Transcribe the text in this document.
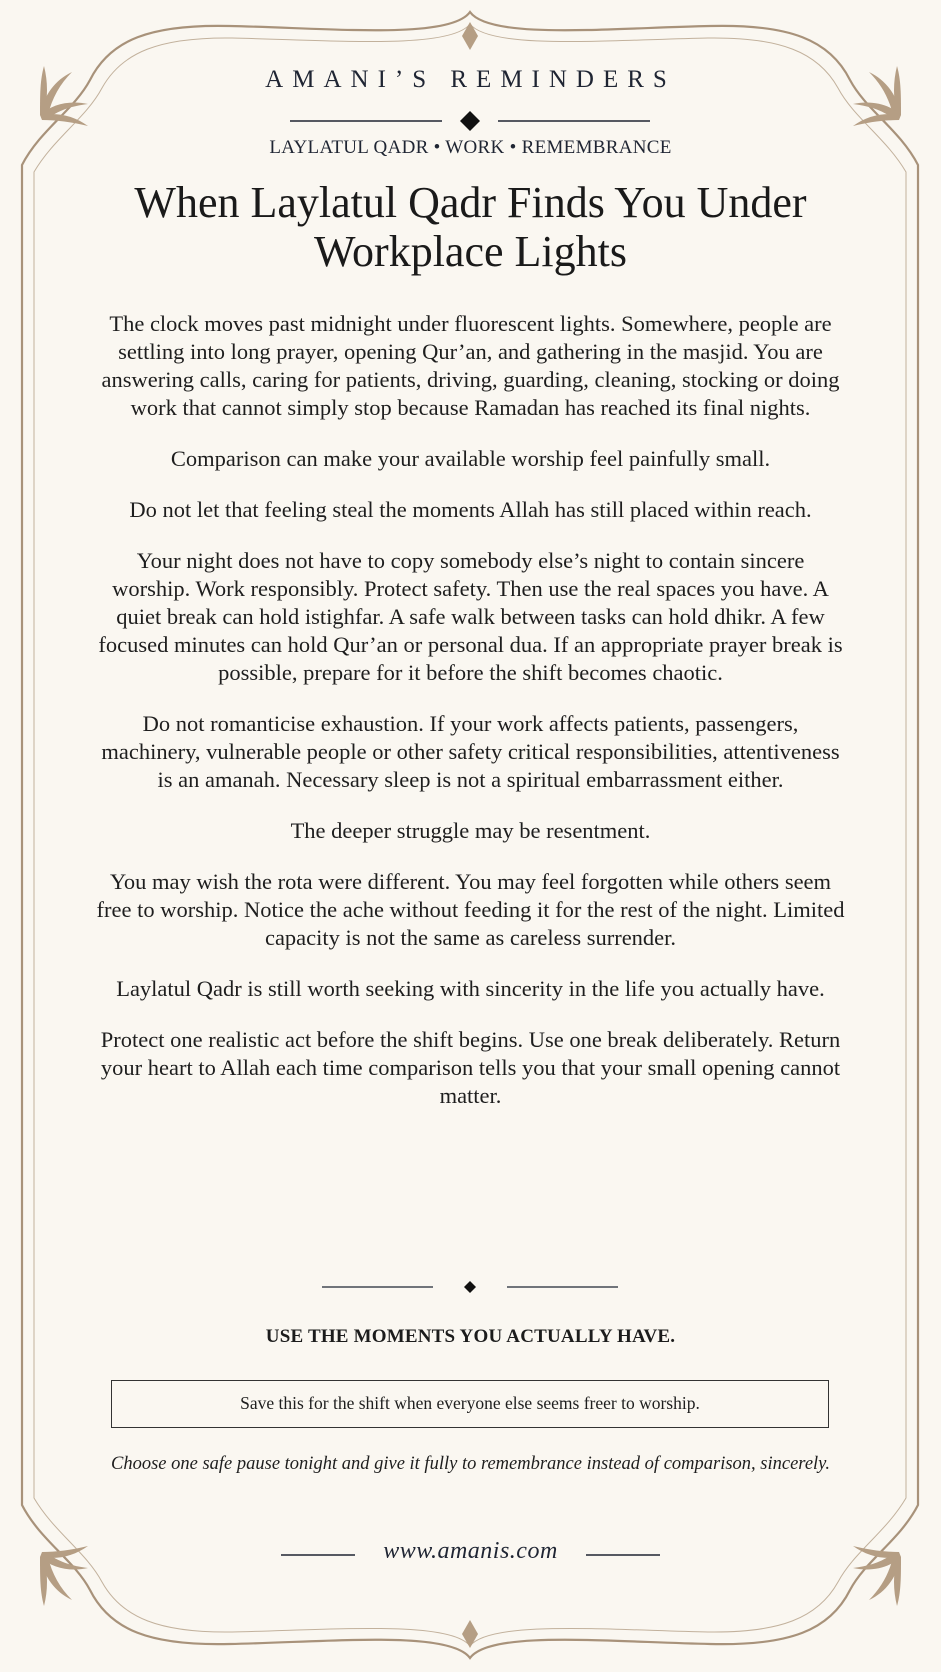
AMANI’S REMINDERS
LAYLATUL QADR • WORK • REMEMBRANCE
When Laylatul Qadr Finds You Under Workplace Lights

The clock moves past midnight under fluorescent lights. Somewhere, people are settling into long prayer, opening Qur’an, and gathering in the masjid. You are answering calls, caring for patients, driving, guarding, cleaning, stocking or doing work that cannot simply stop because Ramadan has reached its final nights.

Comparison can make your available worship feel painfully small.

Do not let that feeling steal the moments Allah has still placed within reach.

Your night does not have to copy somebody else’s night to contain sincere worship. Work responsibly. Protect safety. Then use the real spaces you have. A quiet break can hold istighfar. A safe walk between tasks can hold dhikr. A few focused minutes can hold Qur’an or personal dua. If an appropriate prayer break is possible, prepare for it before the shift becomes chaotic.

Do not romanticise exhaustion. If your work affects patients, passengers, machinery, vulnerable people or other safety critical responsibilities, attentiveness is an amanah. Necessary sleep is not a spiritual embarrassment either.

The deeper struggle may be resentment.

You may wish the rota were different. You may feel forgotten while others seem free to worship. Notice the ache without feeding it for the rest of the night. Limited capacity is not the same as careless surrender.

Laylatul Qadr is still worth seeking with sincerity in the life you actually have.

Protect one realistic act before the shift begins. Use one break deliberately. Return your heart to Allah each time comparison tells you that your small opening cannot matter.

USE THE MOMENTS YOU ACTUALLY HAVE.
Save this for the shift when everyone else seems freer to worship.
Choose one safe pause tonight and give it fully to remembrance instead of comparison, sincerely.
www.amanis.com
